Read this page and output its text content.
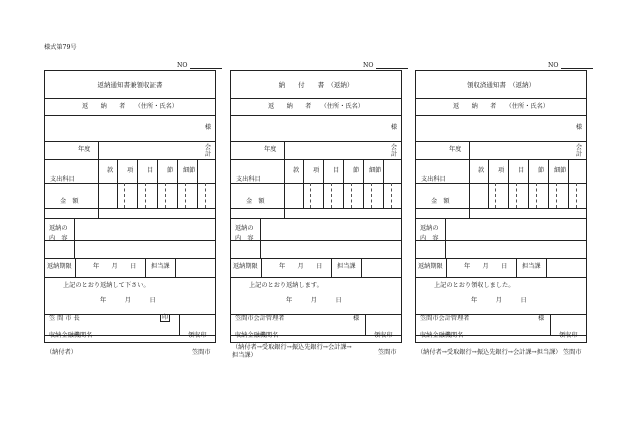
様式第79号
NO
返納通知書兼領収証書
返　　納　　者　　（住所・氏名）
様
年度	会
計
支出科目
款 項 目 節 細節
金　額
返納の
内　容
返納期限	年　　月　　日 担当課
上記のとおり返納して下さい。
年　　　月　　　日
笠 間 市 長	印
収納金融機関名	領収印
（納付者）	笠間市
NO
納　　付　　書　（返納）
返　　納　　者　　（住所・氏名）
様
年度	会
計
支出科目
款 項 目 節 細節
金　額
返納の
内　容
返納期限	年　　月　　日 担当課
上記のとおり返納します。
年　　　月　　　日
笠間市会計管理者	様
収納金融機関名	領収印
（納付者→受取銀行→振込先銀行→会計課→
担当課）	笠間市
NO
領収済通知書　（返納）
返　　納　　者　　（住所・氏名）
様
年度	会
計
支出科目
款 項 目 節 細節
金　額
返納の
内　容
返納期限	年　　月　　日 担当課
上記のとおり領収しました。
年　　　月　　　日
笠間市会計管理者	様
収納金融機関名	領収印
（納付者→受取銀行→振込先銀行→会計課→担当課） 笠間市
